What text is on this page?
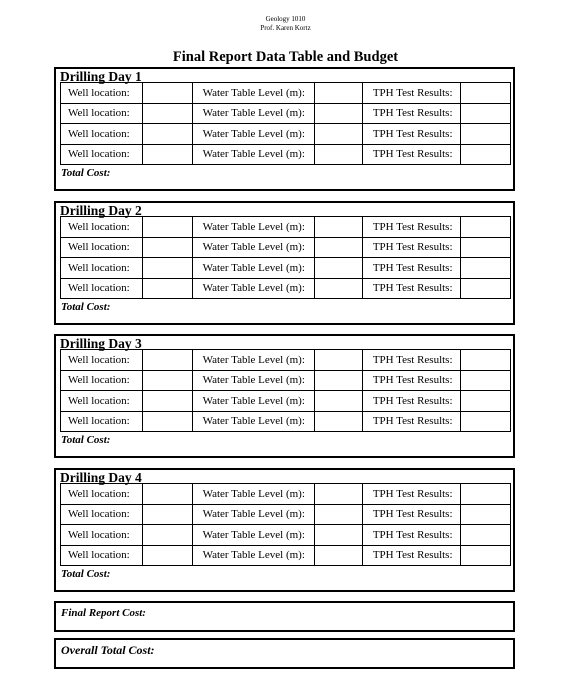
Geology 1010
Prof. Karen Kortz
Final Report Data Table and Budget
Drilling Day 1
Well location:		Water Table Level (m):		TPH Test Results:	
Well location:		Water Table Level (m):		TPH Test Results:	
Well location:		Water Table Level (m):		TPH Test Results:	
Well location:		Water Table Level (m):		TPH Test Results:	
Total Cost:
Drilling Day 2
Well location:		Water Table Level (m):		TPH Test Results:	
Well location:		Water Table Level (m):		TPH Test Results:	
Well location:		Water Table Level (m):		TPH Test Results:	
Well location:		Water Table Level (m):		TPH Test Results:	
Total Cost:
Drilling Day 3
Well location:		Water Table Level (m):		TPH Test Results:	
Well location:		Water Table Level (m):		TPH Test Results:	
Well location:		Water Table Level (m):		TPH Test Results:	
Well location:		Water Table Level (m):		TPH Test Results:	
Total Cost:
Drilling Day 4
Well location:		Water Table Level (m):		TPH Test Results:	
Well location:		Water Table Level (m):		TPH Test Results:	
Well location:		Water Table Level (m):		TPH Test Results:	
Well location:		Water Table Level (m):		TPH Test Results:	
Total Cost:
Final Report Cost:
Overall Total Cost:
